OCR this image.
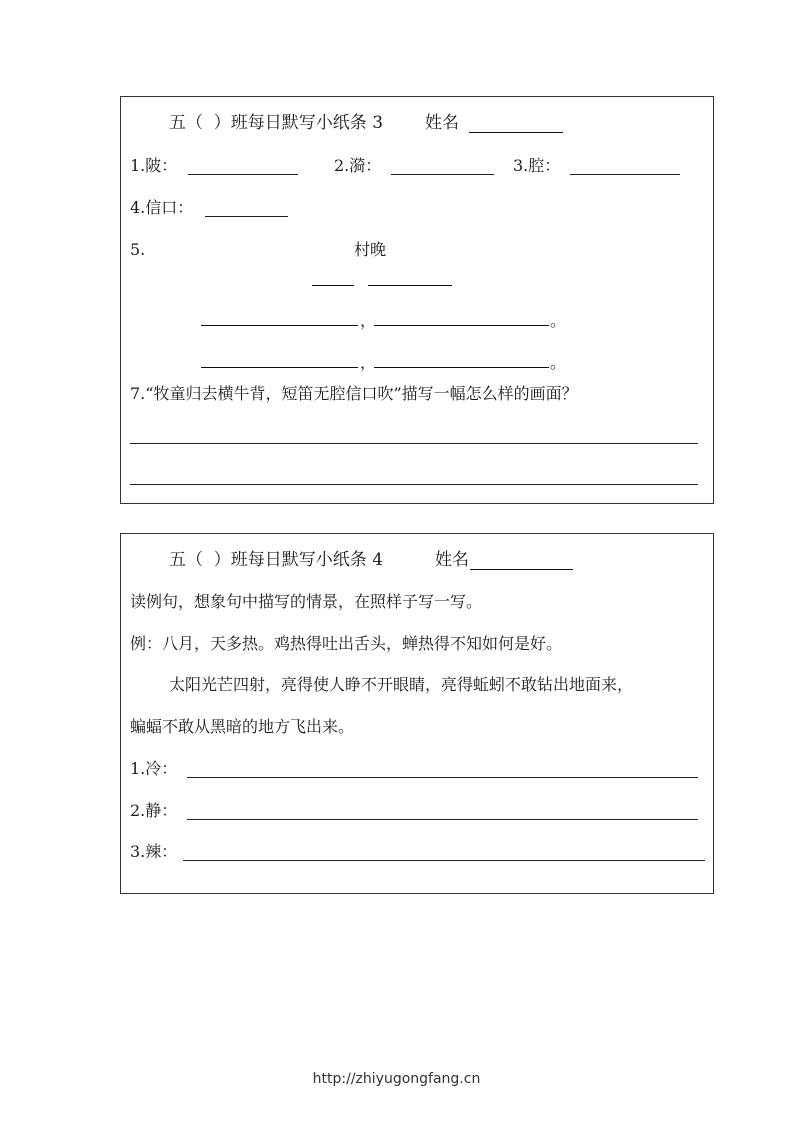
五（  ）班每日默写小纸条 3 姓名
1.陂：	2.漪：	3.腔：
4.信口：
5.	村晚
，	。
，	。
7.“牧童归去横牛背，短笛无腔信口吹”描写一幅怎么样的画面？
五（  ）班每日默写小纸条 4	姓名
读例句，想象句中描写的情景，在照样子写一写。
例：八月，天多热。鸡热得吐出舌头，蝉热得不知如何是好。
太阳光芒四射，亮得使人睁不开眼睛，亮得蚯蚓不敢钻出地面来，
蝙蝠不敢从黑暗的地方飞出来。
1.冷：
2.静：
3.辣：
http://zhiyugongfang.cn
